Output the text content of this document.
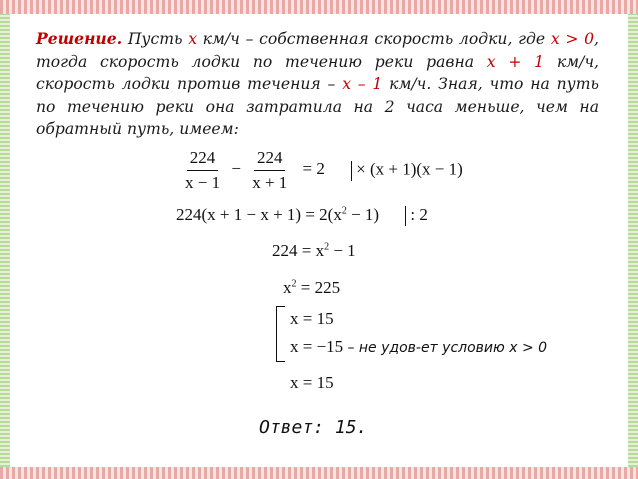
Решение. Пусть x км/ч – собственная скорость лодки, где x > 0, тогда скорость лодки по течению реки равна x + 1 км/ч, скорость лодки против течения – x – 1 км/ч. Зная, что на путь по течению реки она затратила на 2 часа меньше, чем на обратный путь, имеем:
$\frac{224}{x - 1} - \frac{224}{x + 1} = 2 \times (x + 1)(x - 1)$
$224(x + 1 - x + 1) = 2(x^2 - 1)$ : 2
$224 = x^2 - 1$
$x^2 = 225$
x = 15
x = −15 – не удов-ет условию x > 0
x = 15
Ответ: 15.
